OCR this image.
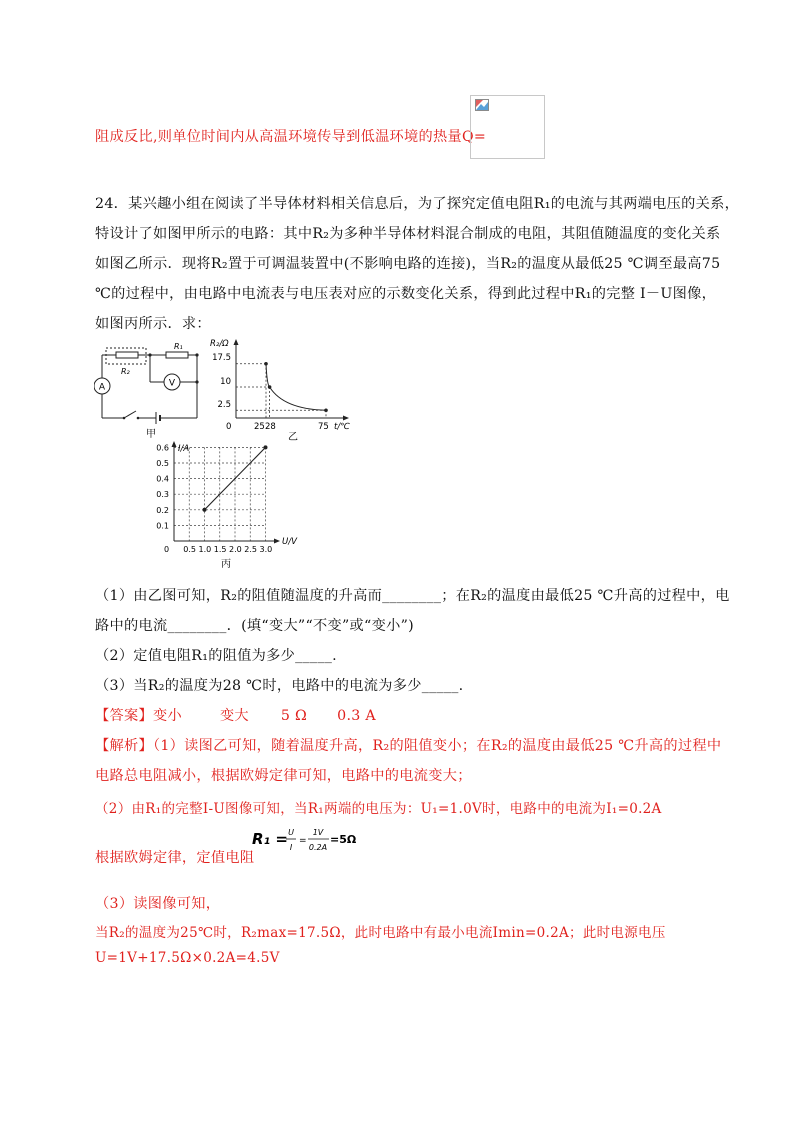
阻成反比,则单位时间内从高温环境传导到低温环境的热量Q=
24．某兴趣小组在阅读了半导体材料相关信息后，为了探究定值电阻R₁的电流与其两端电压的关系，
特设计了如图甲所示的电路：其中R₂为多种半导体材料混合制成的电阻，其阻值随温度的变化关系
如图乙所示．现将R₂置于可调温装置中(不影响电路的连接)，当R₂的温度从最低25 ℃调至最高75
℃的过程中，由电路中电流表与电压表对应的示数变化关系，得到此过程中R₁的完整 I－U图像，
如图丙所示．求：
A	V
R₁
R₂
甲
R₂/Ω
t/℃
17.5
10
2.5
0	25 28	75
乙
I/A
U/V
0.6
0.5
0.4
0.3
0.2
0.1
0 0.5 1.0 1.5 2.0 2.5 3.0
丙
（1）由乙图可知，R₂的阻值随温度的升高而________；在R₂的温度由最低25 ℃升高的过程中，电
路中的电流________．(填“变大”“不变”或“变小”)
（2）定值电阻R₁的阻值为多少_____.
（3）当R₂的温度为28 ℃时，电路中的电流为多少_____.
【答案】变小	变大 5 Ω 0.3 A
【解析】（1）读图乙可知，随着温度升高，R₂的阻值变小；在R₂的温度由最低25 ℃升高的过程中
电路总电阻减小，根据欧姆定律可知，电路中的电流变大；
（2）由R₁的完整I-U图像可知，当R₁两端的电压为：U₁=1.0V时，电路中的电流为I₁=0.2A
R₁ = U
I
=
1V
0.2A
=5Ω
根据欧姆定律，定值电阻
（3）读图像可知，
当R₂的温度为25℃时，R₂max=17.5Ω，此时电路中有最小电流Imin=0.2A；此时电源电压
U=1V+17.5Ω×0.2A=4.5V
